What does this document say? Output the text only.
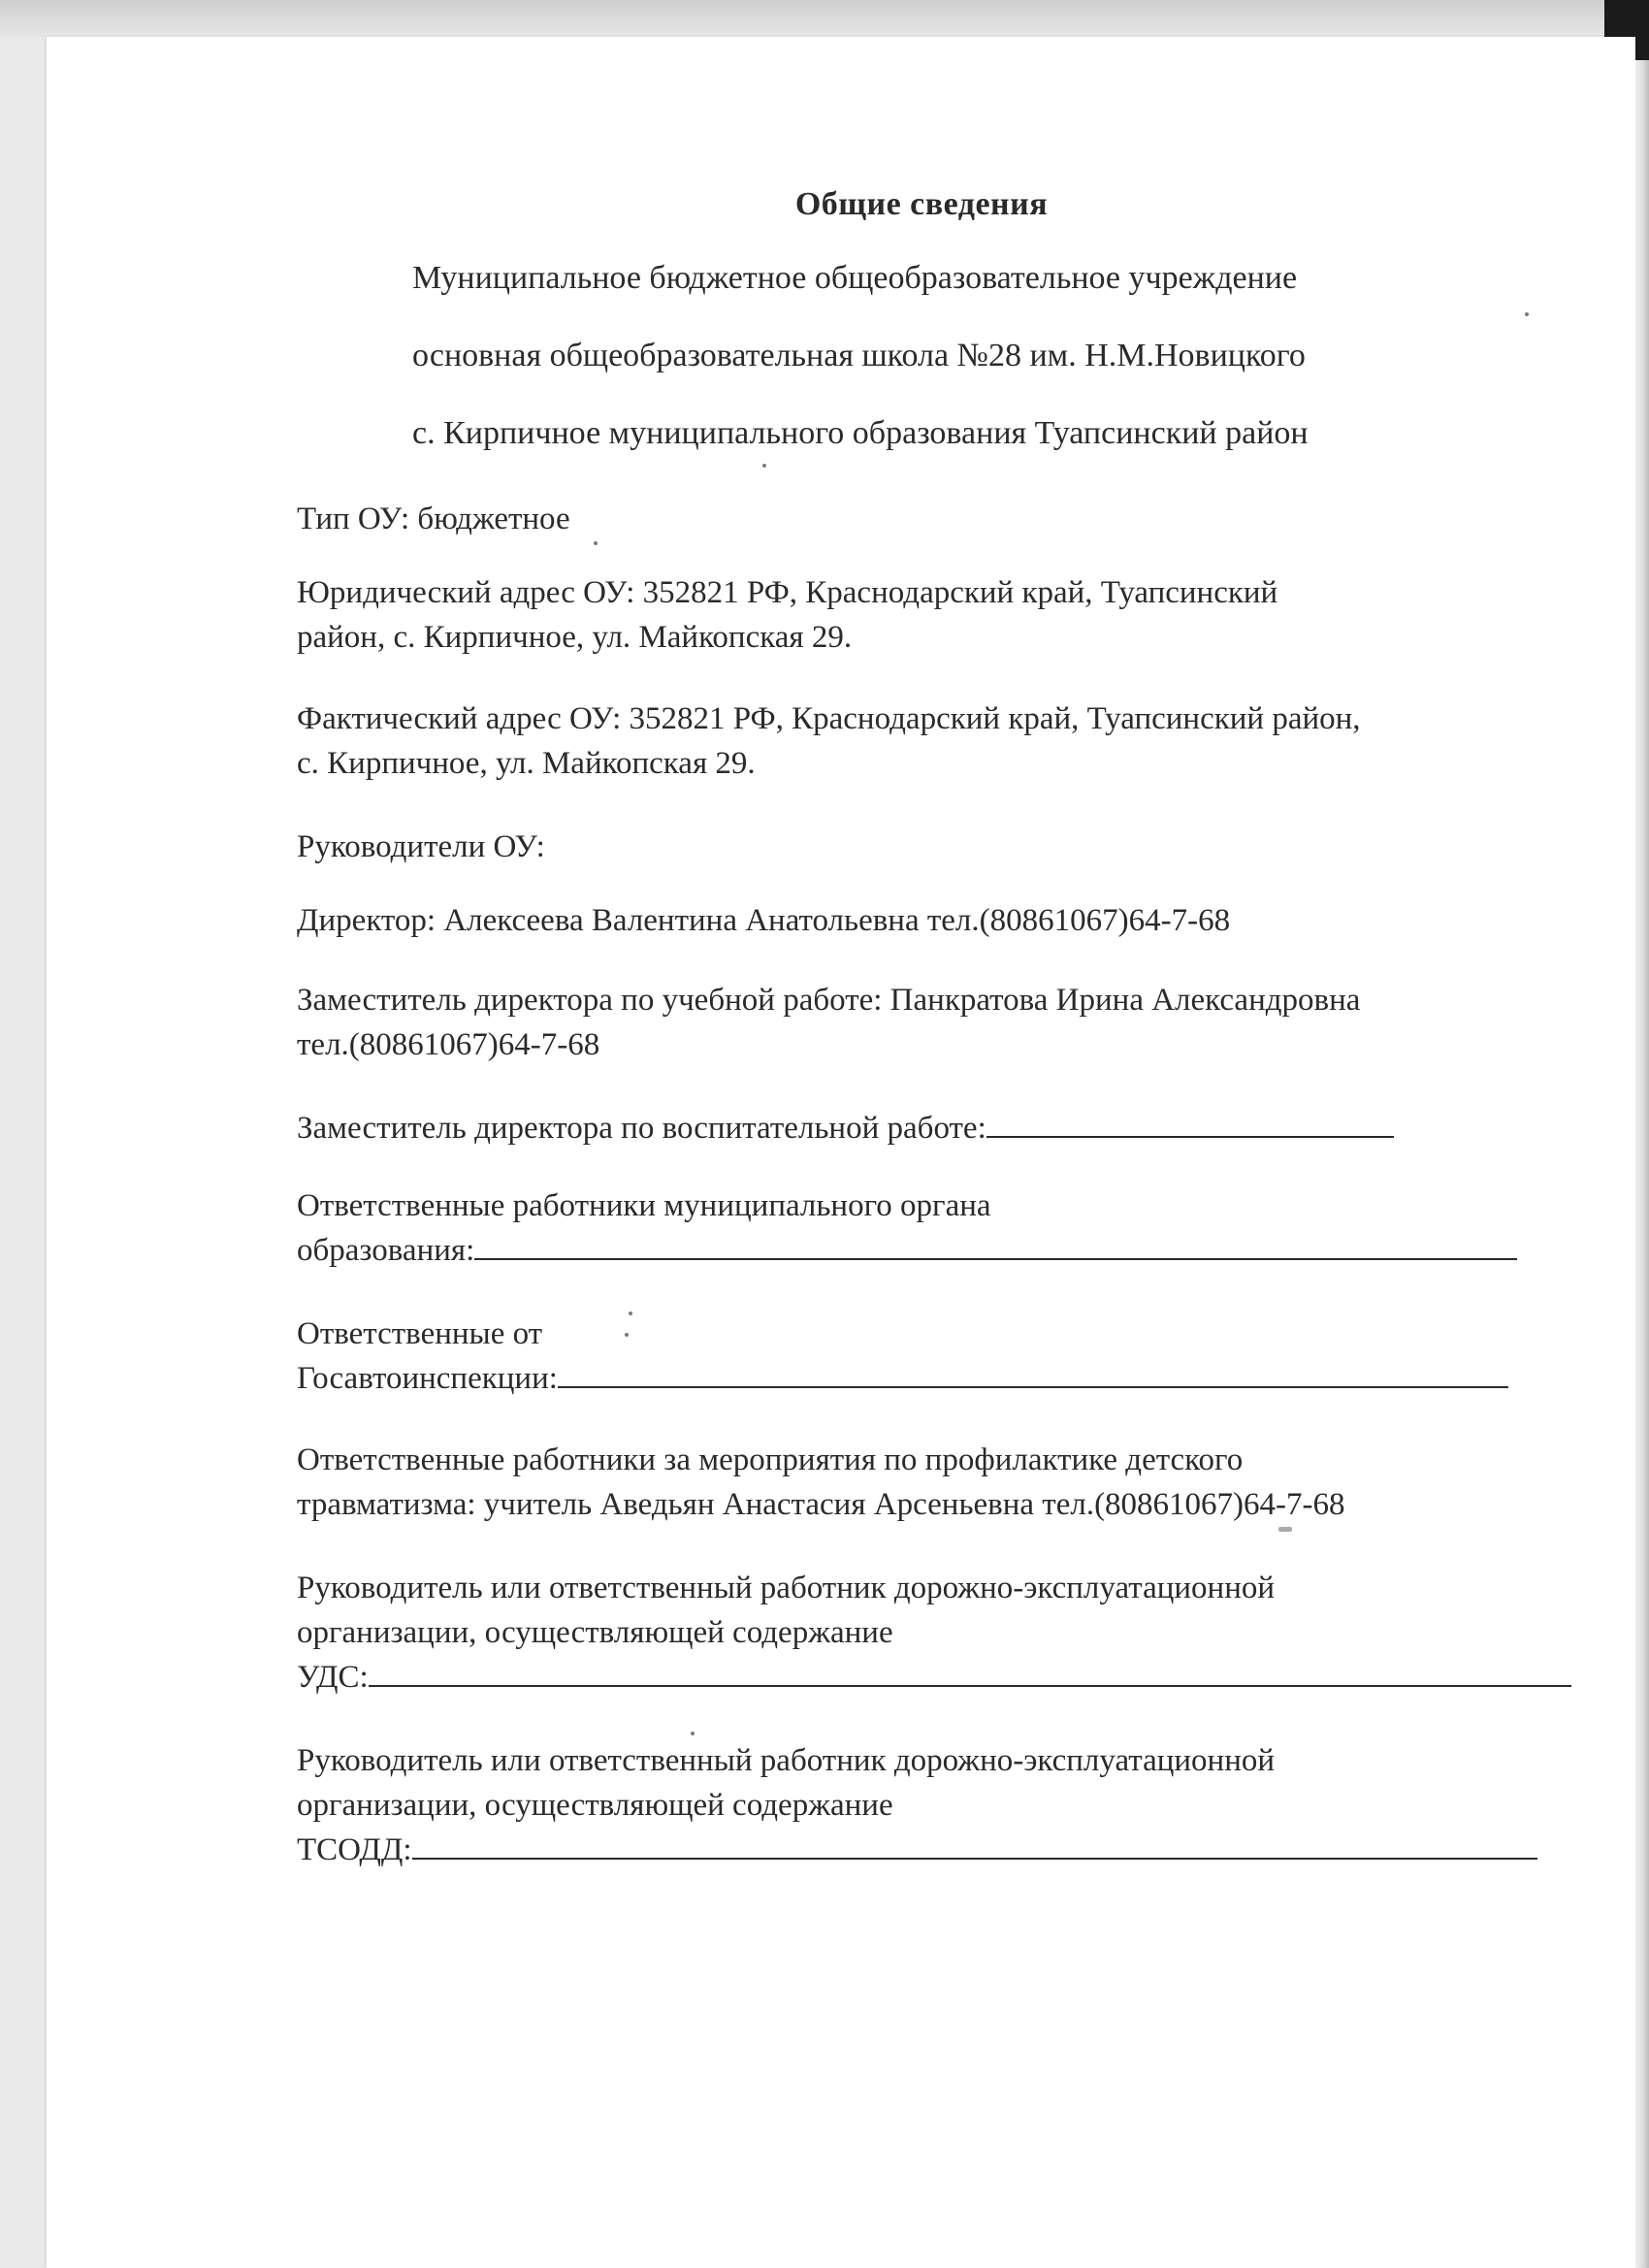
Общие сведения
Муниципальное бюджетное общеобразовательное учреждение
основная общеобразовательная школа №28 им. Н.М.Новицкого
с. Кирпичное муниципального образования Туапсинский район
Тип ОУ: бюджетное
Юридический адрес ОУ: 352821 РФ, Краснодарский край, Туапсинский
район, с. Кирпичное, ул. Майкопская 29.
Фактический адрес ОУ: 352821 РФ, Краснодарский край, Туапсинский район,
с. Кирпичное, ул. Майкопская 29.
Руководители ОУ:
Директор: Алексеева Валентина Анатольевна тел.(80861067)64-7-68
Заместитель директора по учебной работе: Панкратова Ирина Александровна
тел.(80861067)64-7-68
Заместитель директора по воспитательной работе:
Ответственные работники муниципального органа
образования:
Ответственные от
Госавтоинспекции:
Ответственные работники за мероприятия по профилактике детского
травматизма: учитель Аведьян Анастасия Арсеньевна тел.(80861067)64-7-68
Руководитель или ответственный работник дорожно-эксплуатационной
организации, осуществляющей содержание
УДС:
Руководитель или ответственный работник дорожно-эксплуатационной
организации, осуществляющей содержание
ТСОДД:
